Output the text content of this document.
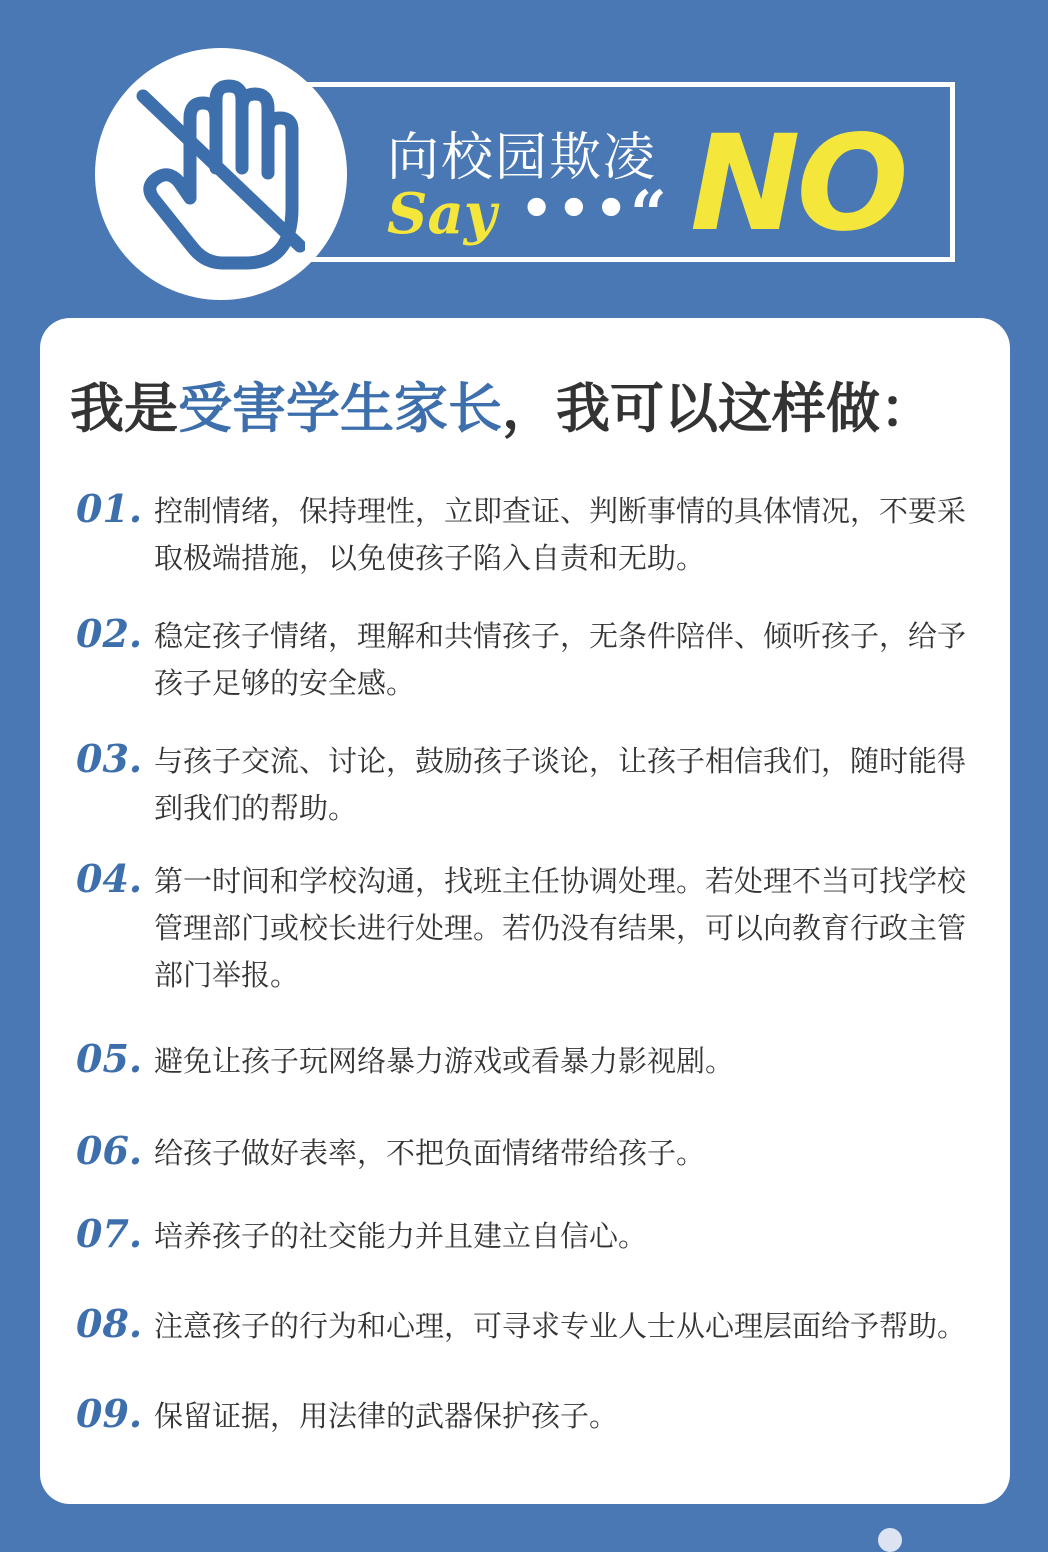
向校园欺凌
Say •••
“ NO
我是受害学生家长，我可以这样做：
01. 控制情绪，保持理性，立即查证、判断事情的具体情况，不要采取极端措施，以免使孩子陷入自责和无助。
02. 稳定孩子情绪，理解和共情孩子，无条件陪伴、倾听孩子，给予孩子足够的安全感。
03. 与孩子交流、讨论，鼓励孩子谈论，让孩子相信我们，随时能得到我们的帮助。
04. 第一时间和学校沟通，找班主任协调处理。若处理不当可找学校管理部门或校长进行处理。若仍没有结果，可以向教育行政主管部门举报。
05. 避免让孩子玩网络暴力游戏或看暴力影视剧。
06. 给孩子做好表率，不把负面情绪带给孩子。
07. 培养孩子的社交能力并且建立自信心。
08. 注意孩子的行为和心理，可寻求专业人士从心理层面给予帮助。
09. 保留证据，用法律的武器保护孩子。
